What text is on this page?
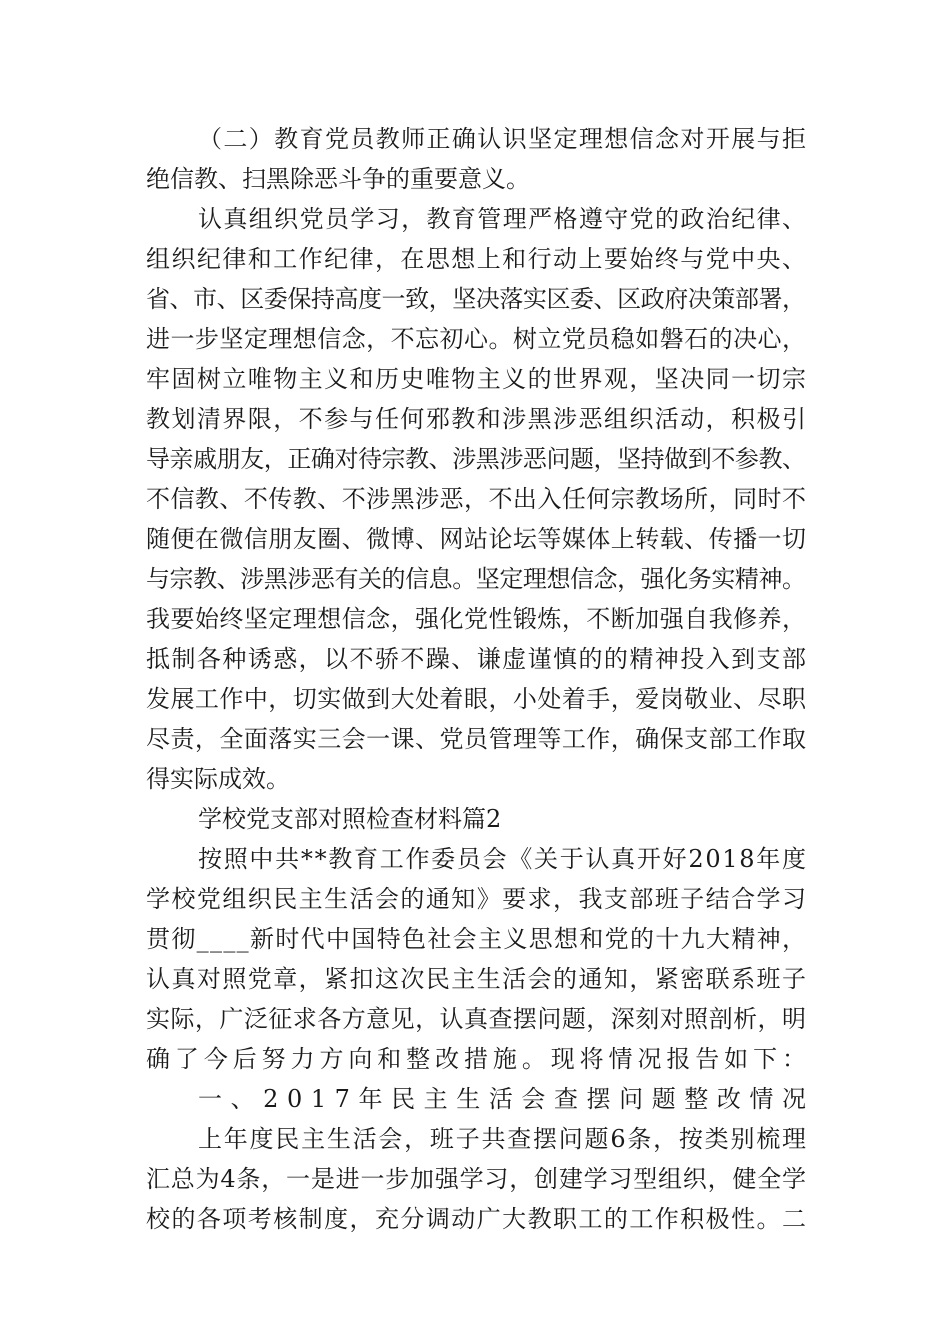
（二）教育党员教师正确认识坚定理想信念对开展与拒
绝信教、扫黑除恶斗争的重要意义。
认真组织党员学习，教育管理严格遵守党的政治纪律、
组织纪律和工作纪律，在思想上和行动上要始终与党中央、
省、市、区委保持高度一致，坚决落实区委、区政府决策部署，
进一步坚定理想信念，不忘初心。树立党员稳如磐石的决心，
牢固树立唯物主义和历史唯物主义的世界观，坚决同一切宗
教划清界限，不参与任何邪教和涉黑涉恶组织活动，积极引
导亲戚朋友，正确对待宗教、涉黑涉恶问题，坚持做到不参教、
不信教、不传教、不涉黑涉恶，不出入任何宗教场所，同时不
随便在微信朋友圈、微博、网站论坛等媒体上转载、传播一切
与宗教、涉黑涉恶有关的信息。坚定理想信念，强化务实精神。
我要始终坚定理想信念，强化党性锻炼，不断加强自我修养，
抵制各种诱惑，以不骄不躁、谦虚谨慎的的精神投入到支部
发展工作中，切实做到大处着眼，小处着手，爱岗敬业、尽职
尽责，全面落实三会一课、党员管理等工作，确保支部工作取
得实际成效。
学校党支部对照检查材料篇2
按照中共**教育工作委员会《关于认真开好2018年度
学校党组织民主生活会的通知》要求，我支部班子结合学习
贯彻____新时代中国特色社会主义思想和党的十九大精神，
认真对照党章，紧扣这次民主生活会的通知，紧密联系班子
实际，广泛征求各方意见，认真查摆问题，深刻对照剖析，明
确了今后努力方向和整改措施。现将情况报告如下：
一、2017年民主生活会查摆问题整改情况
上年度民主生活会，班子共查摆问题6条，按类别梳理
汇总为4条，一是进一步加强学习，创建学习型组织，健全学
校的各项考核制度，充分调动广大教职工的工作积极性。二
